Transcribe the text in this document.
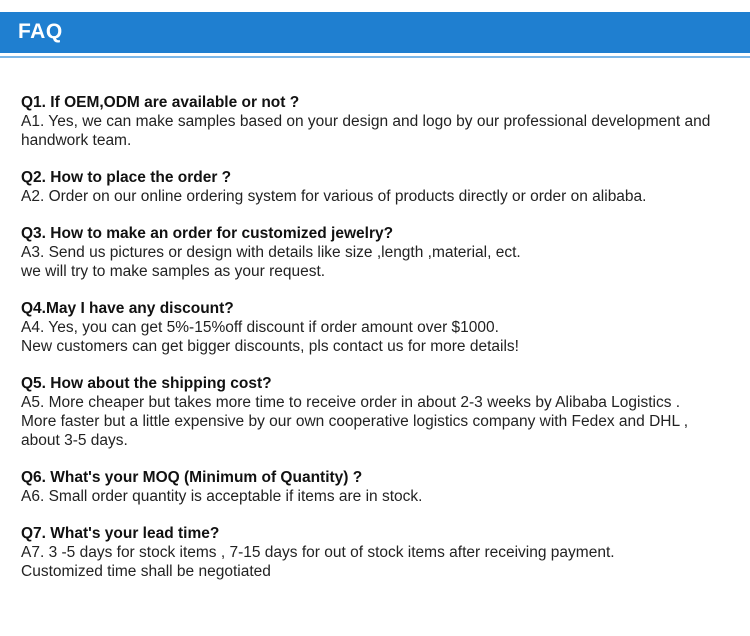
FAQ
Q1. If OEM,ODM are available or not ?
A1. Yes, we can make samples based on your design and logo by our professional development and
handwork team.
Q2. How to place the order ?
A2. Order on our online ordering system for various of products directly or order on alibaba.
Q3. How to make an order for customized jewelry?
A3. Send us pictures or design with details like size ,length ,material, ect.
we will try to make samples as your request.
Q4.May I have any discount?
A4. Yes, you can get 5%-15%off discount if order amount over $1000.
New customers can get bigger discounts, pls contact us for more details!
Q5. How about the shipping cost?
A5. More cheaper but takes more time to receive order in about 2-3 weeks by Alibaba Logistics .
More faster but a little expensive by our own cooperative logistics company with Fedex and DHL ,
about 3-5 days.
Q6. What's your MOQ (Minimum of Quantity) ?
A6. Small order quantity is acceptable if items are in stock.
Q7. What's your lead time?
A7. 3 -5 days for stock items , 7-15 days for out of stock items after receiving payment.
Customized time shall be negotiated
